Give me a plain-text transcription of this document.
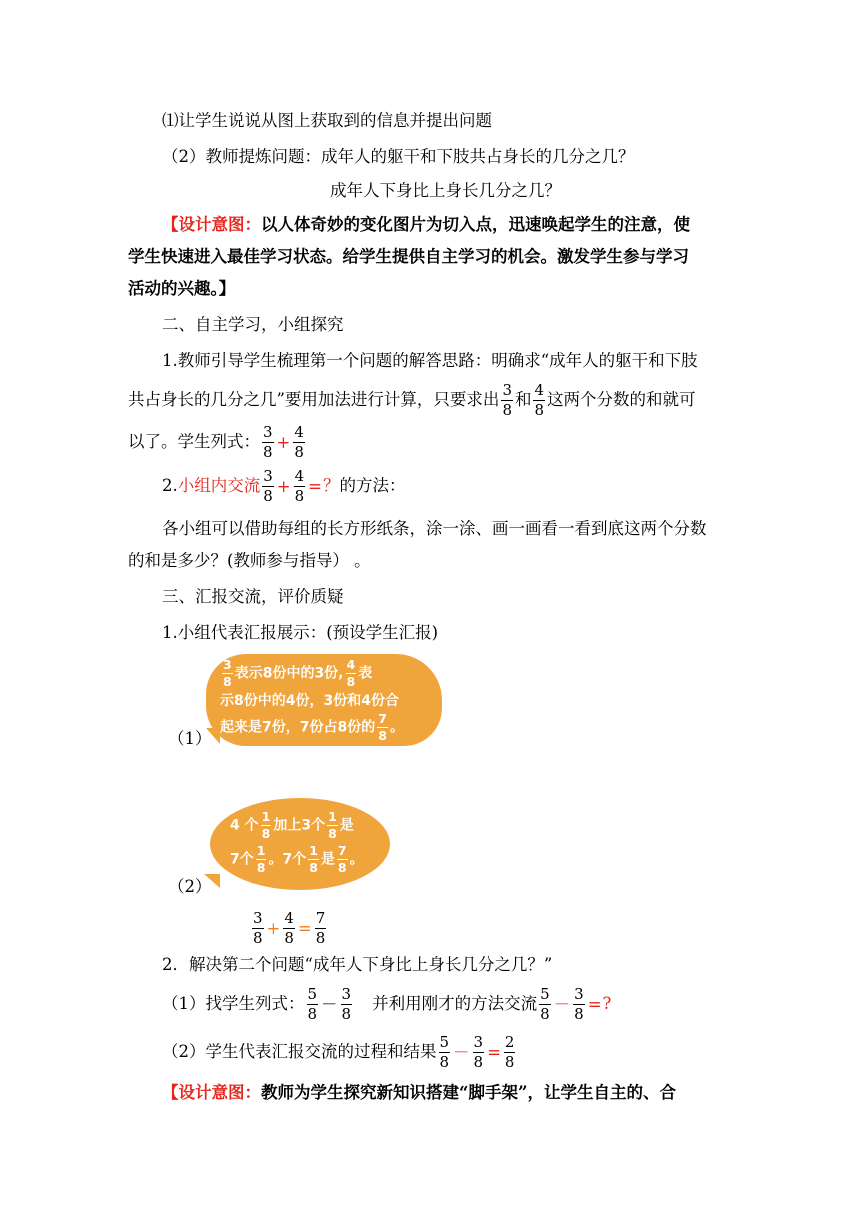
⑴让学生说说从图上获取到的信息并提出问题
（2）教师提炼问题：成年人的躯干和下肢共占身长的几分之几？
成年人下身比上身长几分之几？
【设计意图：以人体奇妙的变化图片为切入点，迅速唤起学生的注意，使
学生快速进入最佳学习状态。给学生提供自主学习的机会。激发学生参与学习
活动的兴趣。】
二、自主学习，小组探究
1.教师引导学生梳理第一个问题的解答思路：明确求“成年人的躯干和下肢
共占身长的几分之几”要用加法进行计算，只要求出 $\frac{3}{8}$ 和 $\frac{4}{8}$ 这两个分数的和就可
以了。学生列式： $\frac{3}{8} + \frac{4}{8}$
2.小组内交流 $\frac{3}{8} + \frac{4}{8}$ =？的方法：
各小组可以借助每组的长方形纸条，涂一涂、画一画看一看到底这两个分数
的和是多少？(教师参与指导） 。
三、汇报交流，评价质疑
1.小组代表汇报展示：(预设学生汇报)
（1）
$\frac{3}{8}$ 表示8份中的3份, $\frac{4}{8}$ 表
示8份中的4份，3份和4份合
起来是7份，7份占8份的 $\frac{7}{8}$ 。
（2）
4 个 $\frac{1}{8}$ 加上3个 $\frac{1}{8}$ 是
7个 $\frac{1}{8}$ 。7个 $\frac{1}{8}$ 是 $\frac{7}{8}$ 。
$\frac{3}{8} + \frac{4}{8} = \frac{7}{8}$
2．解决第二个问题“成年人下身比上身长几分之几？”
（1）找学生列式： $\frac{5}{8} - \frac{3}{8}$ 并利用刚才的方法交流 $\frac{5}{8} - \frac{3}{8}$ =?
（2）学生代表汇报交流的过程和结果 $\frac{5}{8} - \frac{3}{8} = \frac{2}{8}$
【设计意图：教师为学生探究新知识搭建“脚手架”，让学生自主的、合
